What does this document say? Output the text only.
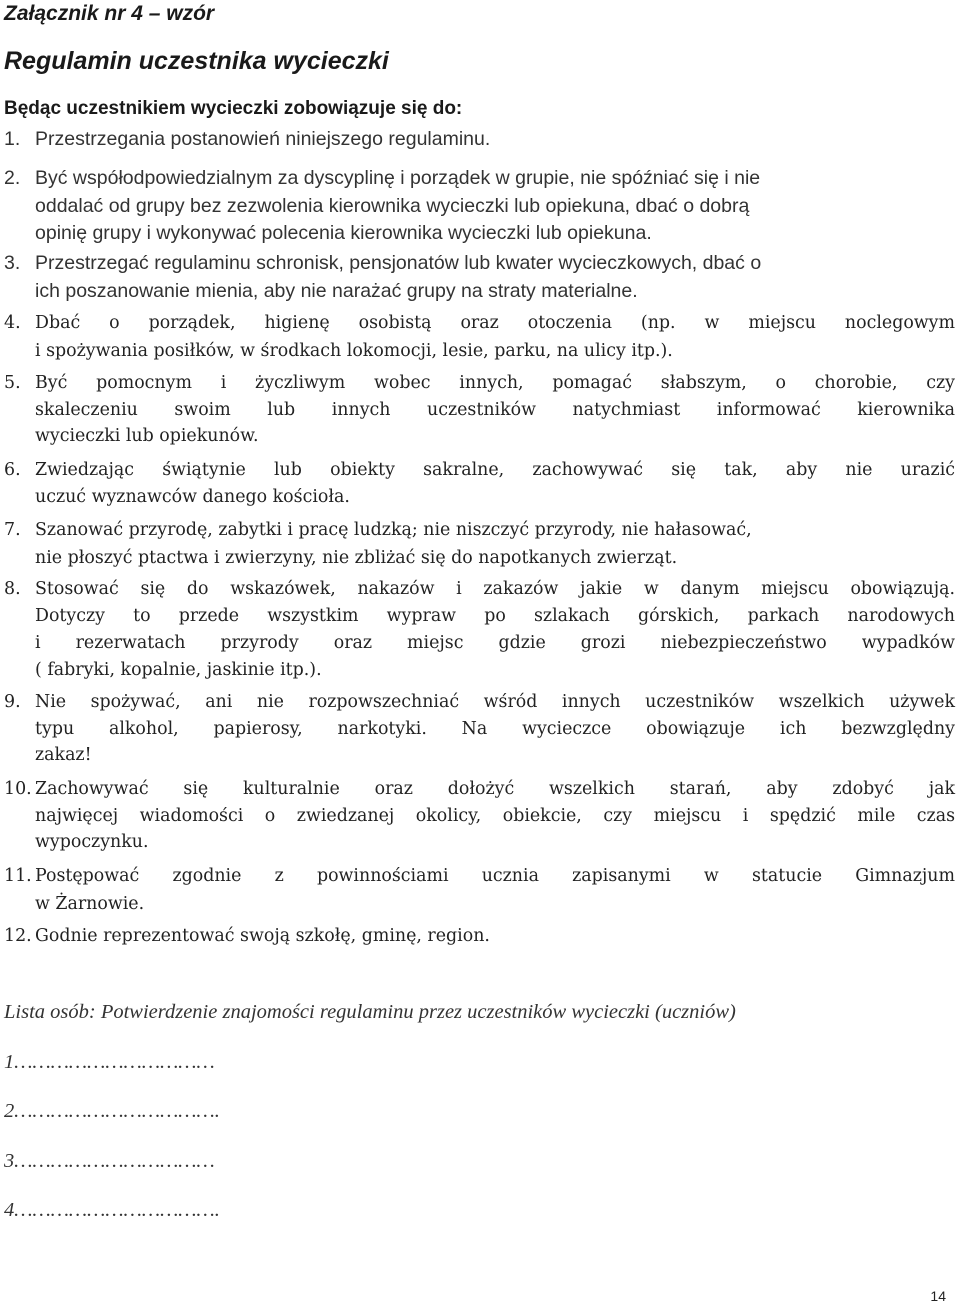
Załącznik nr 4 – wzór
Regulamin uczestnika wycieczki
Będąc uczestnikiem wycieczki zobowiązuje się do:
1. Przestrzegania postanowień niniejszego regulaminu.
2. Być współodpowiedzialnym za dyscyplinę i porządek w grupie, nie spóźniać się i nie
oddalać od grupy bez zezwolenia kierownika wycieczki lub opiekuna, dbać o dobrą
opinię grupy i wykonywać polecenia kierownika wycieczki lub opiekuna.
3. Przestrzegać regulaminu schronisk, pensjonatów lub kwater wycieczkowych, dbać o
ich poszanowanie mienia, aby nie narażać grupy na straty materialne.
4. Dbać o porządek, higienę osobistą oraz otoczenia (np. w miejscu noclegowym
i spożywania posiłków, w środkach lokomocji, lesie, parku, na ulicy itp.).
5. Być pomocnym i życzliwym wobec innych, pomagać słabszym, o chorobie, czy
skaleczeniu swoim lub innych uczestników natychmiast informować kierownika
wycieczki lub opiekunów.
6. Zwiedzając świątynie lub obiekty sakralne, zachowywać się tak, aby nie urazić
uczuć wyznawców danego kościoła.
7. Szanować przyrodę, zabytki i pracę ludzką; nie niszczyć przyrody, nie hałasować,
nie płoszyć ptactwa i zwierzyny, nie zbliżać się do napotkanych zwierząt.
8. Stosować się do wskazówek, nakazów i zakazów jakie w danym miejscu obowiązują.
Dotyczy to przede wszystkim wypraw po szlakach górskich, parkach narodowych
i rezerwatach przyrody oraz miejsc gdzie grozi niebezpieczeństwo wypadków
( fabryki, kopalnie, jaskinie itp.).
9. Nie spożywać, ani nie rozpowszechniać wśród innych uczestników wszelkich używek
typu alkohol, papierosy, narkotyki. Na wycieczce obowiązuje ich bezwzględny
zakaz!
10. Zachowywać się kulturalnie oraz dołożyć wszelkich starań, aby zdobyć jak
najwięcej wiadomości o zwiedzanej okolicy, obiekcie, czy miejscu i spędzić mile czas
wypoczynku.
11. Postępować zgodnie z powinnościami ucznia zapisanymi w statucie Gimnazjum
w Żarnowie.
12. Godnie reprezentować swoją szkołę, gminę, region.
Lista osób: Potwierdzenie znajomości regulaminu przez uczestników wycieczki (uczniów)
1……………………………
2…………………………….
3……………………………
4…………………………….
14
